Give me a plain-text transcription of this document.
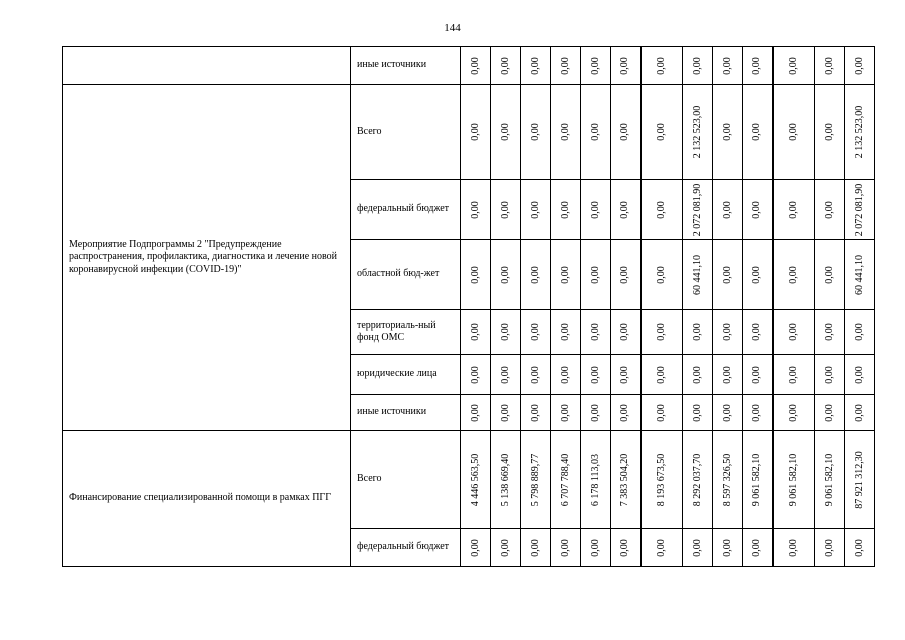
144
	иные источники	0,00	0,00	0,00	0,00	0,00	0,00	0,00	0,00	0,00	0,00	0,00	0,00	0,00

Мероприятие Подпрограммы 2 "Предупреждение распространения, профилактика, диагностика и лечение новой коронавирусной инфекции (COVID-19)"	Всего	0,00	0,00	0,00	0,00	0,00	0,00	0,00	2 132 523,00	0,00	0,00	0,00	0,00	2 132 523,00

	федеральный бюджет	0,00	0,00	0,00	0,00	0,00	0,00	0,00	2 072 081,90	0,00	0,00	0,00	0,00	2 072 081,90

	областной бюд-жет	0,00	0,00	0,00	0,00	0,00	0,00	0,00	60 441,10	0,00	0,00	0,00	0,00	60 441,10

	территориаль-ный фонд ОМС	0,00	0,00	0,00	0,00	0,00	0,00	0,00	0,00	0,00	0,00	0,00	0,00	0,00

	юридические лица	0,00	0,00	0,00	0,00	0,00	0,00	0,00	0,00	0,00	0,00	0,00	0,00	0,00

	иные источники	0,00	0,00	0,00	0,00	0,00	0,00	0,00	0,00	0,00	0,00	0,00	0,00	0,00

Финансирование специализированной помощи в рамках ПГГ	Всего	4 446 563,50	5 138 669,40	5 798 889,77	6 707 788,40	6 178 113,03	7 383 504,20	8 193 673,50	8 292 037,70	8 597 326,50	9 061 582,10	9 061 582,10	9 061 582,10	87 921 312,30

	федеральный бюджет	0,00	0,00	0,00	0,00	0,00	0,00	0,00	0,00	0,00	0,00	0,00	0,00	0,00
